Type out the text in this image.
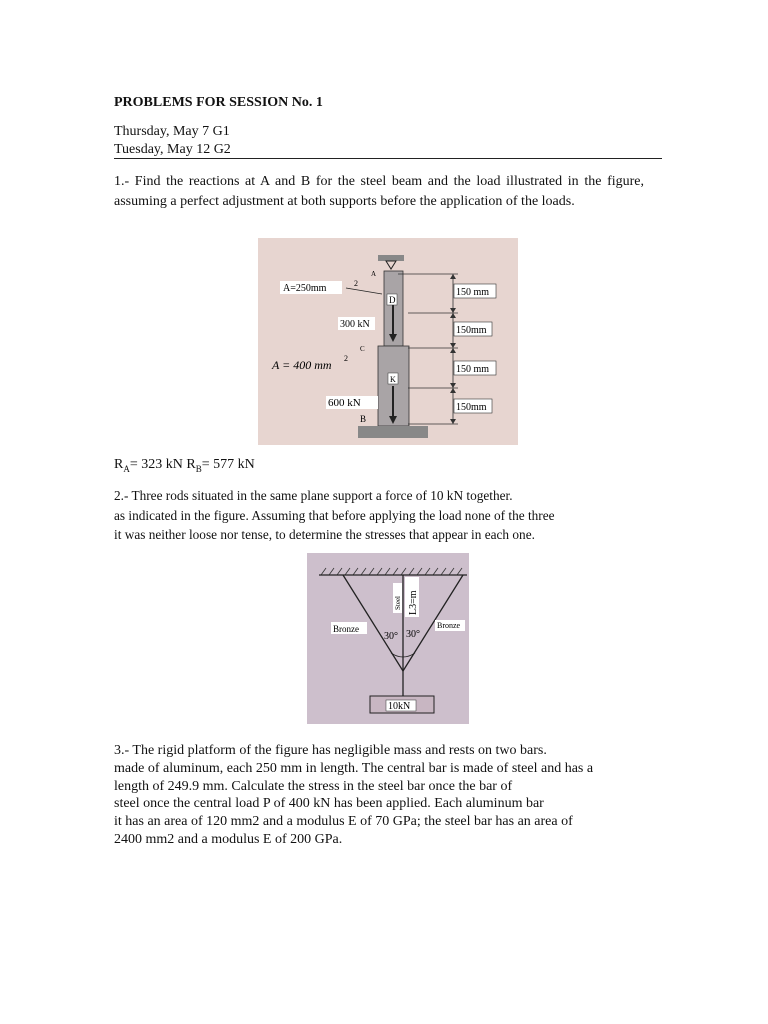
PROBLEMS FOR SESSION No. 1
Thursday, May 7 G1
Tuesday, May 12 G2

1.- Find the reactions at A and B for the steel beam and the load illustrated in the figure, assuming a perfect adjustment at both supports before the application of the loads.

A=250mm	2
A = 400 mm 2
300 kN
600 kN
A
B
C
D
K
150 mm
150mm
150 mm
150mm
$R_A= 323$ kN $R_B= 577$ kN

2.- Three rods situated in the same plane support a force of 10 kN together.
as indicated in the figure. Assuming that before applying the load none of the three
it was neither loose nor tense, to determine the stresses that appear in each one.

Bronze	Bronze
Steel L3=m
30° 30°
10kN

3.- The rigid platform of the figure has negligible mass and rests on two bars.
made of aluminum, each 250 mm in length. The central bar is made of steel and has a
length of 249.9 mm. Calculate the stress in the steel bar once the bar of
steel once the central load P of 400 kN has been applied. Each aluminum bar
it has an area of 120 mm2 and a modulus E of 70 GPa; the steel bar has an area of
2400 mm2 and a modulus E of 200 GPa.
